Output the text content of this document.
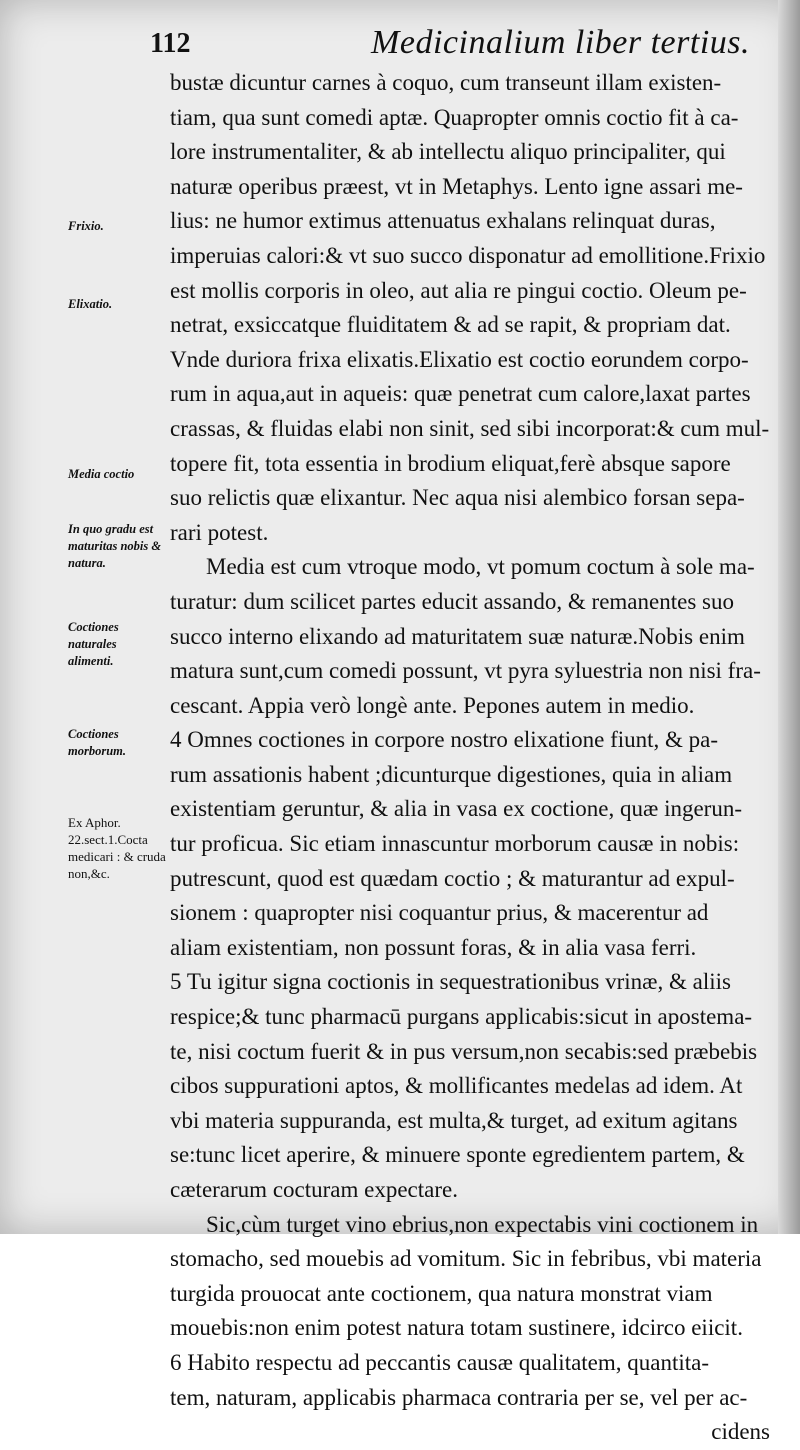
112	Medicinalium liber tertius.
Frixio.
Elixatio.
Media coctio
In quo gradu est maturitas nobis & natura.
Coctiones naturales alimenti.
Coctiones morborum.
Ex Aphor. 22.sect.1.Cocta medicari : & cruda non,&c.
bustæ dicuntur carnes à coquo, cum transeunt illam existen-
tiam, qua sunt comedi aptæ. Quapropter omnis coctio fit à ca-
lore instrumentaliter, & ab intellectu aliquo principaliter, qui
naturæ operibus præest, vt in Metaphys. Lento igne assari me-
lius: ne humor extimus attenuatus exhalans relinquat duras,
imperuias calori:& vt suo succo disponatur ad emollitione.Frixio
est mollis corporis in oleo, aut alia re pingui coctio. Oleum pe-
netrat, exsiccatque fluiditatem & ad se rapit, & propriam dat.
Vnde duriora frixa elixatis.Elixatio est coctio eorundem corpo-
rum in aqua,aut in aqueis: quæ penetrat cum calore,laxat partes
crassas, & fluidas elabi non sinit, sed sibi incorporat:& cum mul-
topere fit, tota essentia in brodium eliquat,ferè absque sapore
suo relictis quæ elixantur. Nec aqua nisi alembico forsan sepa-
rari potest.
Media est cum vtroque modo, vt pomum coctum à sole ma-
turatur: dum scilicet partes educit assando, & remanentes suo
succo interno elixando ad maturitatem suæ naturæ.Nobis enim
matura sunt,cum comedi possunt, vt pyra syluestria non nisi fra-
cescant. Appia verò longè ante. Pepones autem in medio.
4 Omnes coctiones in corpore nostro elixatione fiunt, & pa-
rum assationis habent ;dicunturque digestiones, quia in aliam
existentiam geruntur, & alia in vasa ex coctione, quæ ingerun-
tur proficua. Sic etiam innascuntur morborum causæ in nobis:
putrescunt, quod est quædam coctio ; & maturantur ad expul-
sionem : quapropter nisi coquantur prius, & macerentur ad
aliam existentiam, non possunt foras, & in alia vasa ferri.
5 Tu igitur signa coctionis in sequestrationibus vrinæ, & aliis
respice;& tunc pharmacū purgans applicabis:sicut in apostema-
te, nisi coctum fuerit & in pus versum,non secabis:sed præbebis
cibos suppurationi aptos, & mollificantes medelas ad idem. At
vbi materia suppuranda, est multa,& turget, ad exitum agitans
se:tunc licet aperire, & minuere sponte egredientem partem, &
cæterarum cocturam expectare.
Sic,cùm turget vino ebrius,non expectabis vini coctionem in
stomacho, sed mouebis ad vomitum. Sic in febribus, vbi materia
turgida prouocat ante coctionem, qua natura monstrat viam
mouebis:non enim potest natura totam sustinere, idcirco eiicit.
6 Habito respectu ad peccantis causæ qualitatem, quantita-
tem, naturam, applicabis pharmaca contraria per se, vel per ac-
cidens
